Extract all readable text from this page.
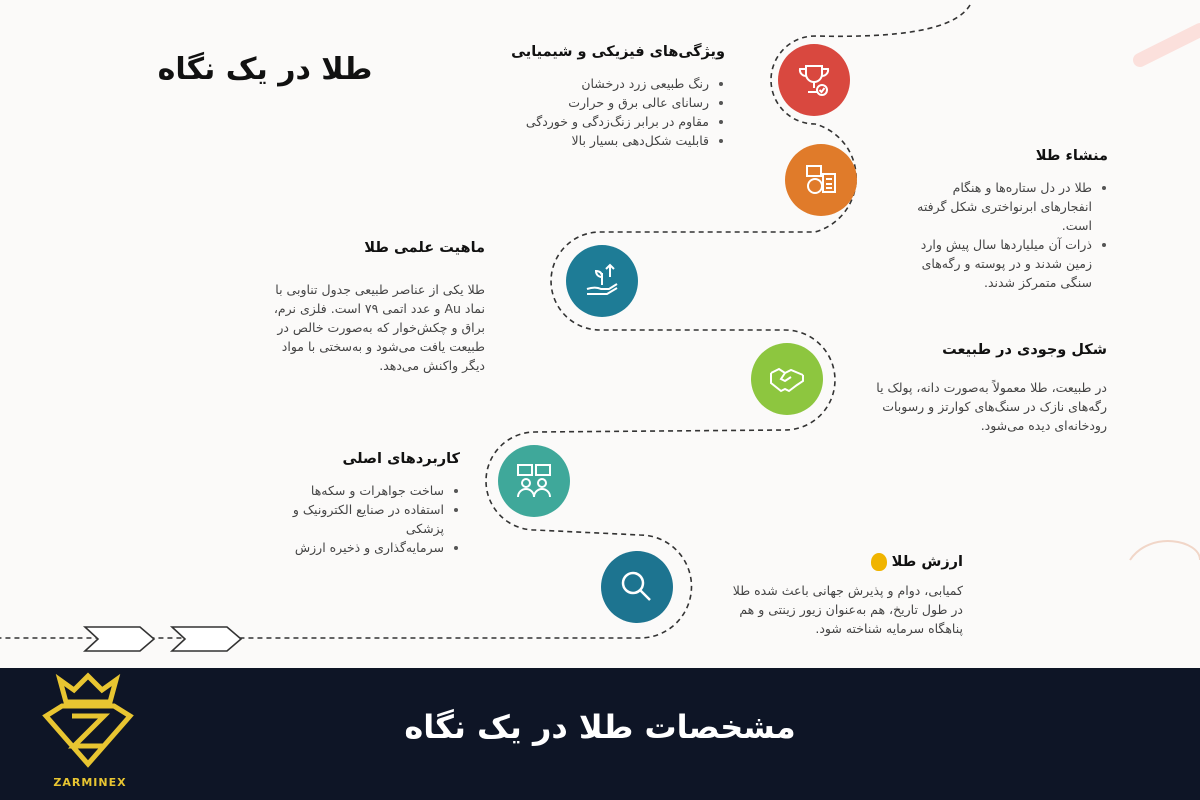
طلا در یک نگاه	ویژگی‌های فیزیکی و شیمیایی
رنگ طبیعی زرد درخشان
رسانای عالی برق و حرارت
مقاوم در برابر زنگ‌زدگی و خوردگی
قابلیت شکل‌دهی بسیار بالا
منشاء طلا
طلا در دل ستاره‌ها و هنگام انفجارهای ابرنواختری شکل گرفته است.
ذرات آن میلیاردها سال پیش وارد زمین شدند و در پوسته و رگه‌های سنگی متمرکز شدند.
ماهیت علمی طلا

طلا یکی از عناصر طبیعی جدول تناوبی با نماد Au و عدد اتمی ۷۹ است. فلزی نرم، براق و چکش‌خوار که به‌صورت خالص در طبیعت یافت می‌شود و به‌سختی با مواد دیگر واکنش می‌دهد.

شکل وجودی در طبیعت

در طبیعت، طلا معمولاً به‌صورت دانه، پولک یا رگه‌های نازک در سنگ‌های کوارتز و رسوبات رودخانه‌ای دیده می‌شود.

کاربردهای اصلی
ساخت جواهرات و سکه‌ها
استفاده در صنایع الکترونیک و پزشکی
سرمایه‌گذاری و ذخیره ارزش
ارزش طلا

کمیابی، دوام و پذیرش جهانی باعث شده طلا در طول تاریخ، هم به‌عنوان زیور زینتی و هم پناهگاه سرمایه شناخته شود.

ZARMINEX
مشخصات طلا در یک نگاه
